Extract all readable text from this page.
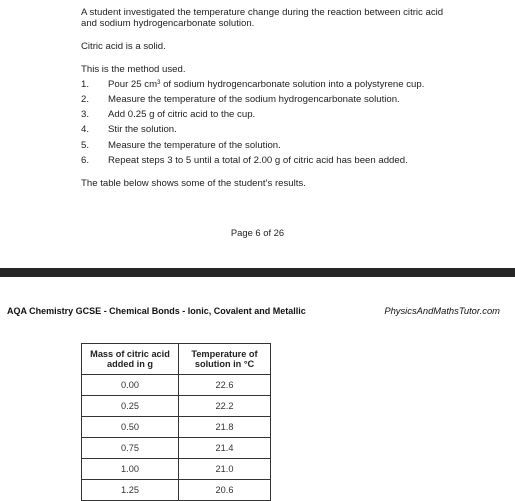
A student investigated the temperature change during the reaction between citric acid and sodium hydrogencarbonate solution.
Citric acid is a solid.
This is the method used.
1. Pour 25 $cm^3$ of sodium hydrogencarbonate solution into a polystyrene cup.
2. Measure the temperature of the sodium hydrogencarbonate solution.
3. Add 0.25 g of citric acid to the cup.
4. Stir the solution.
5. Measure the temperature of the solution.
6. Repeat steps 3 to 5 until a total of 2.00 g of citric acid has been added.
The table below shows some of the student’s results.
Page 6 of 26
AQA Chemistry GCSE - Chemical Bonds - Ionic, Covalent and Metallic	PhysicsAndMathsTutor.com
Mass of citric acid
added in g	Temperature of
solution in °C
0.00	22.6
0.25	22.2
0.50	21.8
0.75	21.4
1.00	21.0
1.25	20.6
